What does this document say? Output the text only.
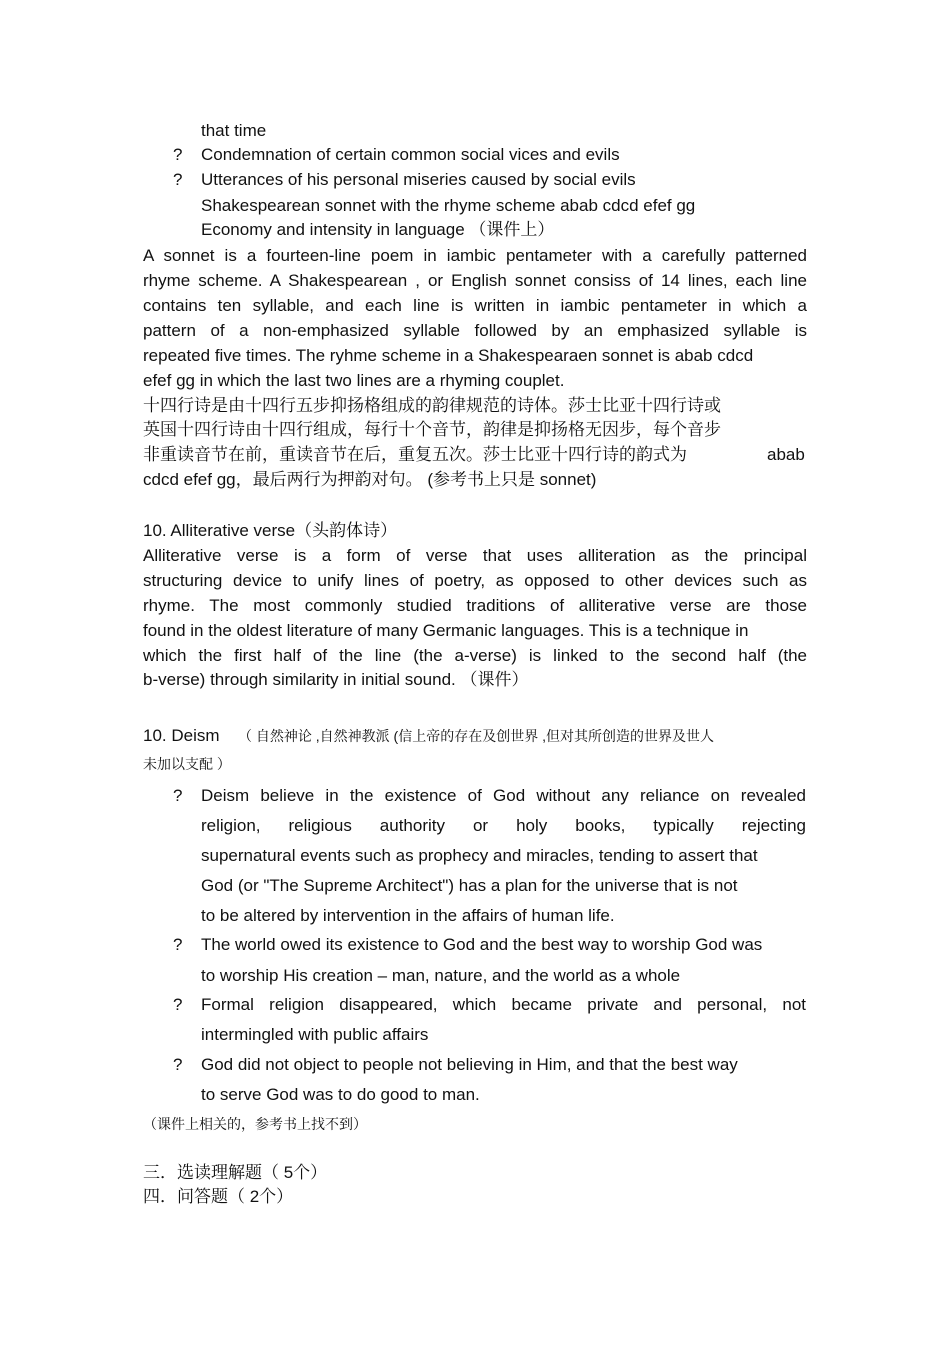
that time
? Condemnation of certain common social vices and evils
? Utterances of his personal miseries caused by social evils
Shakespearean sonnet with the rhyme scheme abab cdcd efef gg
Economy and intensity in language （课件上）
A sonnet is a fourteen-line poem in iambic pentameter with a carefully patterned
rhyme scheme. A Shakespearean , or English sonnet consiss of 14 lines, each line
contains ten syllable, and each line is written in iambic pentameter in which a
pattern of a non-emphasized syllable followed by an emphasized syllable is
repeated five times. The ryhme scheme in a Shakespearaen sonnet is abab cdcd
efef gg in which the last two lines are a rhyming couplet.
十四行诗是由十四行五步抑扬格组成的韵律规范的诗体。莎士比亚十四行诗或
英国十四行诗由十四行组成，每行十个音节，韵律是抑扬格无因步，每个音步
非重读音节在前，重读音节在后，重复五次。莎士比亚十四行诗的韵式为	abab
cdcd efef gg，最后两行为押韵对句。 (参考书上只是 sonnet)
10. Alliterative verse（头韵体诗）
Alliterative verse is a form of verse that uses alliteration as the principal
structuring device to unify lines of poetry, as opposed to other devices such as
rhyme. The most commonly studied traditions of alliterative verse are those
found in the oldest literature of many Germanic languages. This is a technique in
which the first half of the line (the a-verse) is linked to the second half (the
b-verse) through similarity in initial sound. （课件）
10. Deism （ 自然神论 ,自然神教派 (信上帝的存在及创世界 ,但对其所创造的世界及世人
未加以支配 ）
? Deism believe in the existence of God without any reliance on revealed
religion, religious authority or holy books, typically rejecting
supernatural events such as prophecy and miracles, tending to assert that
God (or "The Supreme Architect") has a plan for the universe that is not
to be altered by intervention in the affairs of human life.
? The world owed its existence to God and the best way to worship God was
to worship His creation – man, nature, and the world as a whole
? Formal religion disappeared, which became private and personal, not
intermingled with public affairs
? God did not object to people not believing in Him, and that the best way
to serve God was to do good to man.
（课件上相关的，参考书上找不到）
三．选读理解题（ 5个）
四．问答题（ 2个）
